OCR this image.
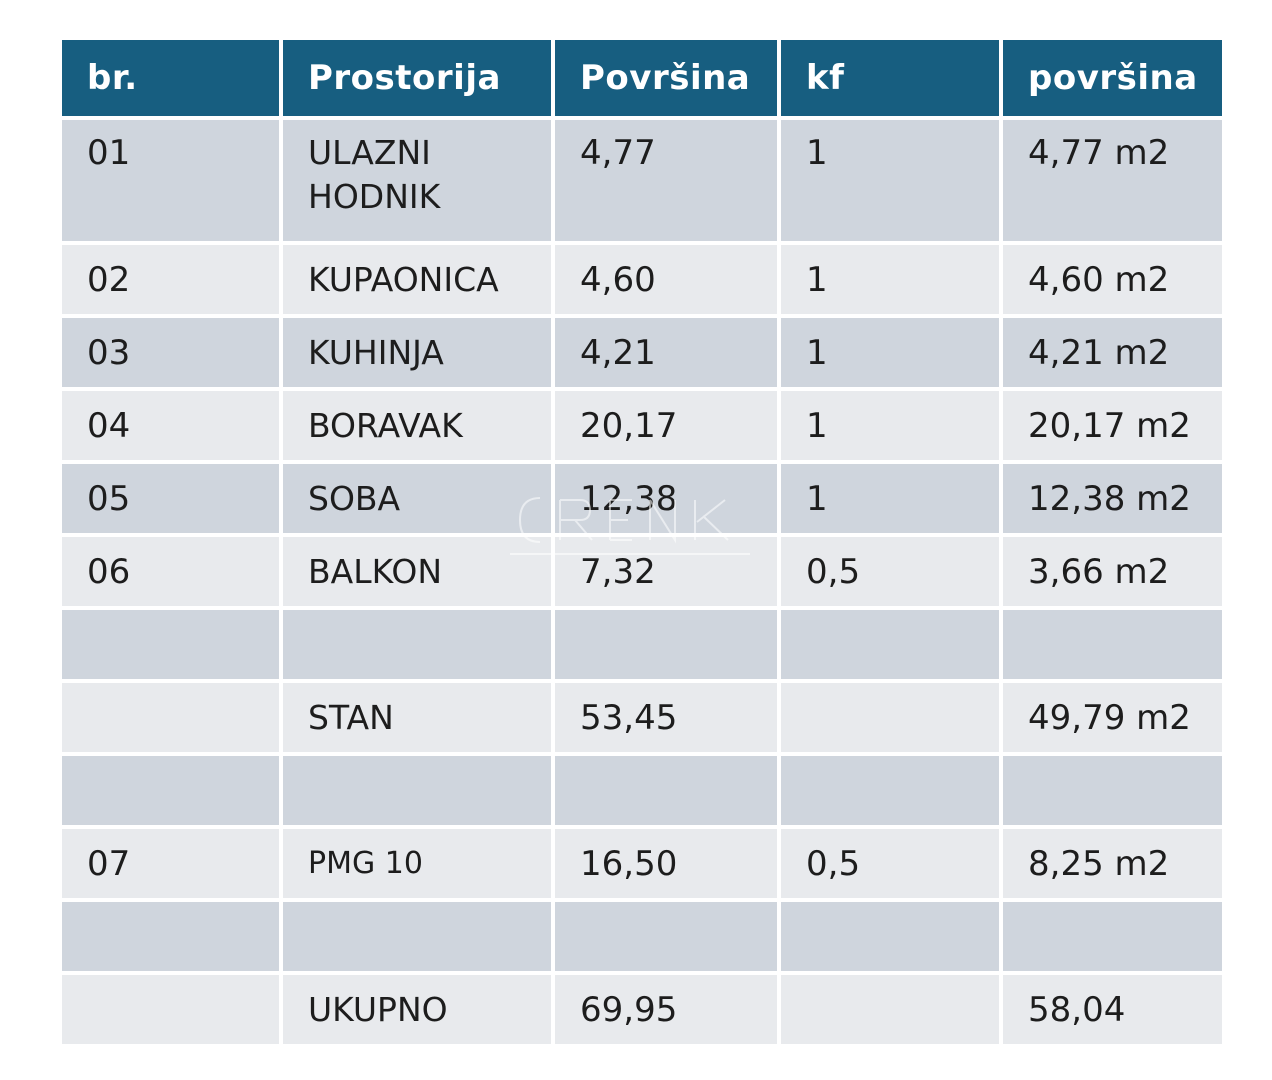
br.	Prostorija	Površina	kf	površina
01	ULAZNI HODNIK	4,77	1	4,77 m2
02	KUPAONICA	4,60	1	4,60 m2
03	KUHINJA	4,21	1	4,21 m2
04	BORAVAK	20,17	1	20,17 m2
05	SOBA	12,38	1	12,38 m2
06	BALKON	7,32	0,5	3,66 m2

	STAN	53,45		49,79 m2

07	PMG 10	16,50	0,5	8,25 m2

	UKUPNO	69,95		58,04
